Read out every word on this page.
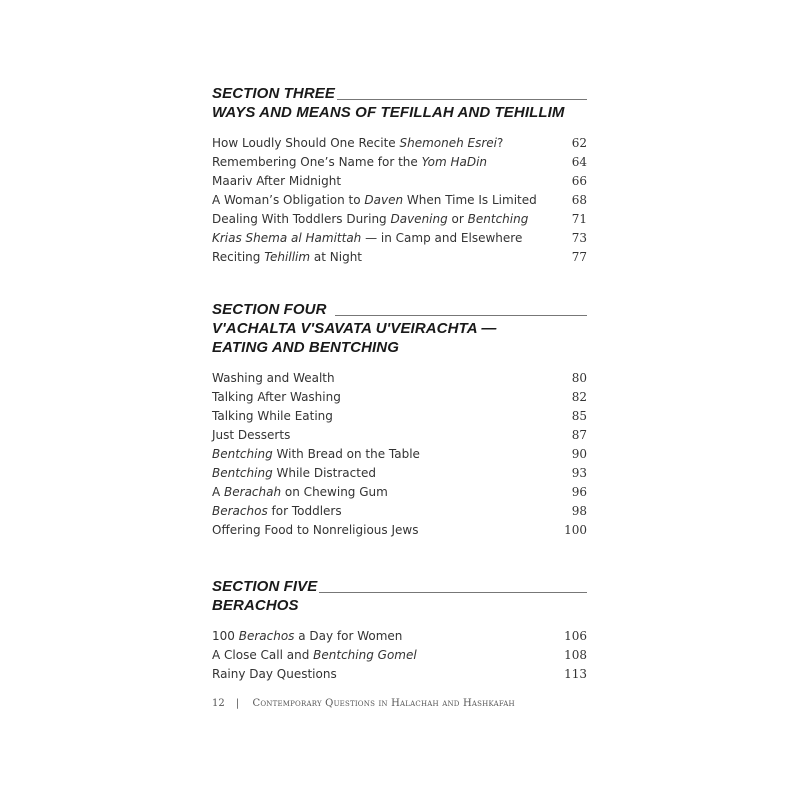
SECTION THREE
WAYS AND MEANS OF TEFILLAH AND TEHILLIM
How Loudly Should One Recite Shemoneh Esrei?	62
Remembering One’s Name for the Yom HaDin	64
Maariv After Midnight	66
A Woman’s Obligation to Daven When Time Is Limited	68
Dealing With Toddlers During Davening or Bentching	71
Krias Shema al Hamittah — in Camp and Elsewhere	73
Reciting Tehillim at Night	77
SECTION FOUR
V'ACHALTA V'SAVATA U'VEIRACHTA —
EATING AND BENTCHING
Washing and Wealth	80
Talking After Washing	82
Talking While Eating	85
Just Desserts	87
Bentching With Bread on the Table	90
Bentching While Distracted	93
A Berachah on Chewing Gum	96
Berachos for Toddlers	98
Offering Food to Nonreligious Jews	100
SECTION FIVE
BERACHOS
100 Berachos a Day for Women	106
A Close Call and Bentching Gomel	108
Rainy Day Questions	113
12 | Contemporary Questions in Halachah and Hashkafah
